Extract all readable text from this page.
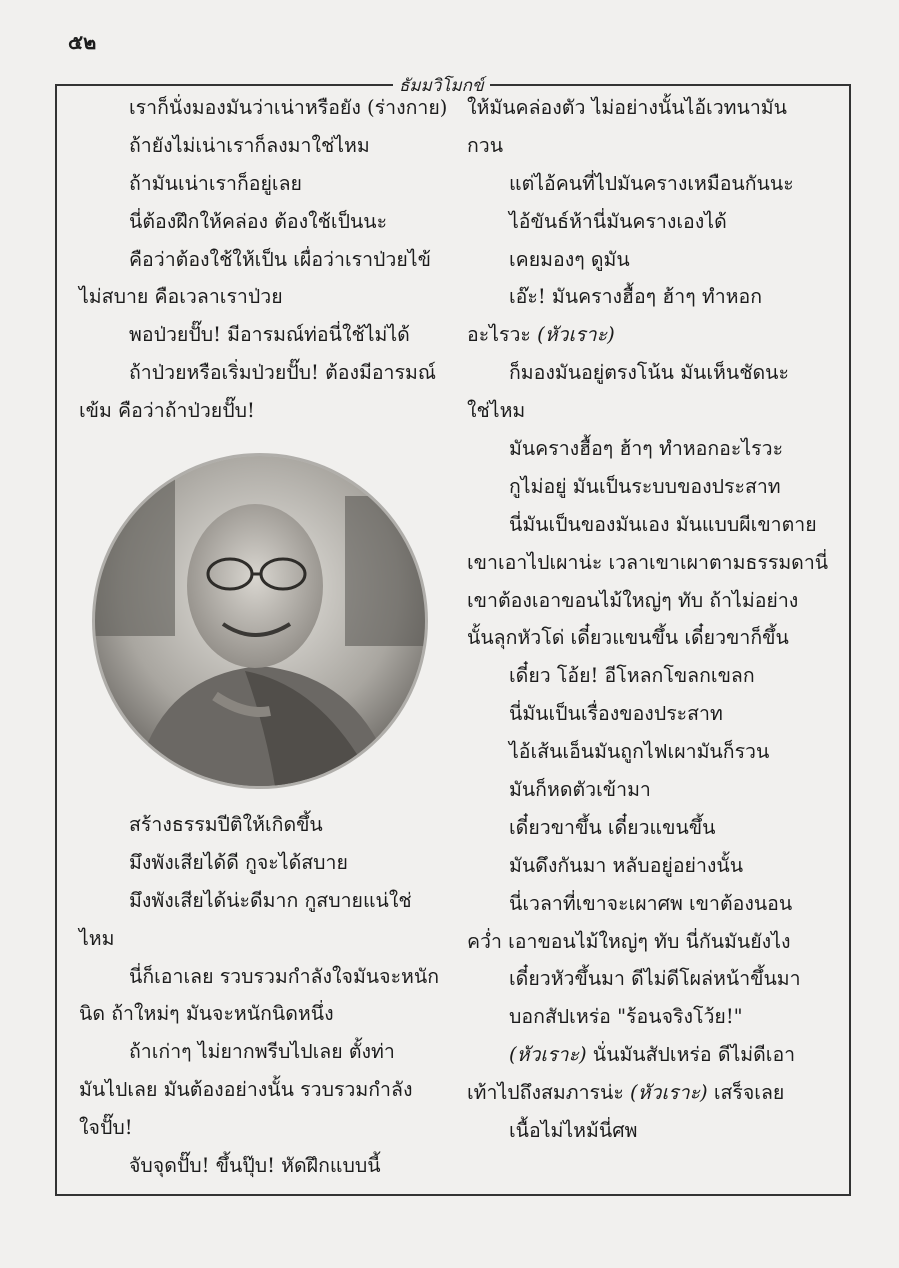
๕๒
ธัมมวิโมกข์
เราก็นั่งมองมันว่าเน่าหรือยัง (ร่างกาย)
ถ้ายังไม่เน่าเราก็ลงมาใช่ไหม
ถ้ามันเน่าเราก็อยู่เลย
นี่ต้องฝึกให้คล่อง ต้องใช้เป็นนะ
คือว่าต้องใช้ให้เป็น เผื่อว่าเราป่วยไข้
ไม่สบาย คือเวลาเราป่วย
พอป่วยปั๊บ! มีอารมณ์ท่อนี่ใช้ไม่ได้
ถ้าป่วยหรือเริ่มป่วยปั๊บ! ต้องมีอารมณ์
เข้ม คือว่าถ้าป่วยปั๊บ!
สร้างธรรมปีติให้เกิดขึ้น
มึงพังเสียได้ดี กูจะได้สบาย
มึงพังเสียได้น่ะดีมาก กูสบายแน่ใช่
ไหม
นี่ก็เอาเลย รวบรวมกำลังใจมันจะหนัก
นิด ถ้าใหม่ๆ มันจะหนักนิดหนึ่ง
ถ้าเก่าๆ ไม่ยากพรีบไปเลย ตั้งท่า
มันไปเลย มันต้องอย่างนั้น รวบรวมกำลัง
ใจปั๊บ!
จับจุดปั๊บ! ขึ้นปุ๊บ! หัดฝึกแบบนี้
ให้มันคล่องตัว ไม่อย่างนั้นไอ้เวทนามัน
กวน
แต่ไอ้คนที่ไปมันครางเหมือนกันนะ
ไอ้ขันธ์ห้านี่มันครางเองได้
เคยมองๆ ดูมัน
เอ๊ะ! มันครางฮื้อๆ ฮ้าๆ ทำหอก
อะไรวะ (หัวเราะ)
ก็มองมันอยู่ตรงโน้น มันเห็นชัดนะ
ใช่ไหม
มันครางฮื้อๆ ฮ้าๆ ทำหอกอะไรวะ
กูไม่อยู่ มันเป็นระบบของประสาท
นี่มันเป็นของมันเอง มันแบบผีเขาตาย
เขาเอาไปเผาน่ะ เวลาเขาเผาตามธรรมดานี่
เขาต้องเอาขอนไม้ใหญ่ๆ ทับ ถ้าไม่อย่าง
นั้นลุกหัวโด่ เดี๋ยวแขนขึ้น เดี๋ยวขาก็ขึ้น
เดี๋ยว โอ้ย! อีโหลกโขลกเขลก
นี่มันเป็นเรื่องของประสาท
ไอ้เส้นเอ็นมันถูกไฟเผามันก็รวน
มันก็หดตัวเข้ามา
เดี๋ยวขาขึ้น เดี๋ยวแขนขึ้น
มันดึงกันมา หลับอยู่อย่างนั้น
นี่เวลาที่เขาจะเผาศพ เขาต้องนอน
คว่ำ เอาขอนไม้ใหญ่ๆ ทับ นี่กันมันยังไง
เดี๋ยวหัวขึ้นมา ดีไม่ดีโผล่หน้าขึ้นมา
บอกสัปเหร่อ "ร้อนจริงโว้ย!"
(หัวเราะ) นั่นมันสัปเหร่อ ดีไม่ดีเอา
เท้าไปถึงสมภารน่ะ (หัวเราะ) เสร็จเลย
เนื้อไม่ไหม้นี่ศพ
